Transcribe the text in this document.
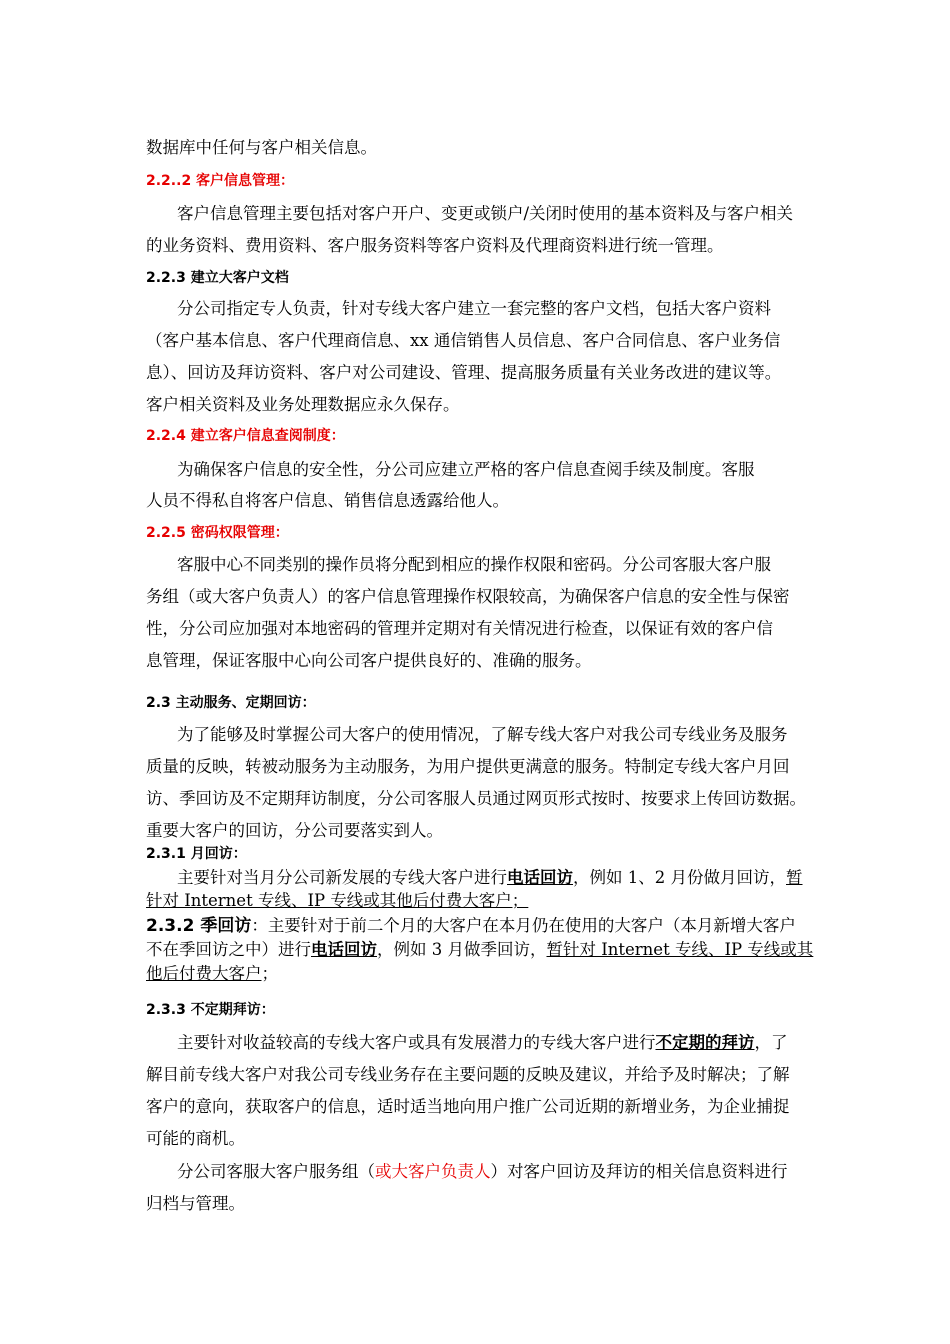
数据库中任何与客户相关信息。
2.2..2 客户信息管理：
客户信息管理主要包括对客户开户、变更或锁户/关闭时使用的基本资料及与客户相关
的业务资料、费用资料、客户服务资料等客户资料及代理商资料进行统一管理。
2.2.3 建立大客户文档
分公司指定专人负责，针对专线大客户建立一套完整的客户文档，包括大客户资料
（客户基本信息、客户代理商信息、xx 通信销售人员信息、客户合同信息、客户业务信
息）、回访及拜访资料、客户对公司建设、管理、提高服务质量有关业务改进的建议等。
客户相关资料及业务处理数据应永久保存。
2.2.4 建立客户信息查阅制度：
为确保客户信息的安全性，分公司应建立严格的客户信息查阅手续及制度。客服
人员不得私自将客户信息、销售信息透露给他人。
2.2.5 密码权限管理：
客服中心不同类别的操作员将分配到相应的操作权限和密码。分公司客服大客户服
务组（或大客户负责人）的客户信息管理操作权限较高，为确保客户信息的安全性与保密
性，分公司应加强对本地密码的管理并定期对有关情况进行检查，以保证有效的客户信
息管理，保证客服中心向公司客户提供良好的、准确的服务。
2.3 主动服务、定期回访：
为了能够及时掌握公司大客户的使用情况，了解专线大客户对我公司专线业务及服务
质量的反映，转被动服务为主动服务，为用户提供更满意的服务。特制定专线大客户月回
访、季回访及不定期拜访制度，分公司客服人员通过网页形式按时、按要求上传回访数据。
重要大客户的回访，分公司要落实到人。
2.3.1 月回访：
主要针对当月分公司新发展的专线大客户进行电话回访，例如 1、2 月份做月回访，暂
针对 Internet 专线、IP 专线或其他后付费大客户；
2.3.2 季回访：主要针对于前二个月的大客户在本月仍在使用的大客户（本月新增大客户
不在季回访之中）进行电话回访，例如 3 月做季回访，暂针对 Internet 专线、IP 专线或其
他后付费大客户；
2.3.3 不定期拜访：
主要针对收益较高的专线大客户或具有发展潜力的专线大客户进行不定期的拜访，了
解目前专线大客户对我公司专线业务存在主要问题的反映及建议，并给予及时解决；了解
客户的意向，获取客户的信息，适时适当地向用户推广公司近期的新增业务，为企业捕捉
可能的商机。
分公司客服大客户服务组（或大客户负责人）对客户回访及拜访的相关信息资料进行
归档与管理。
